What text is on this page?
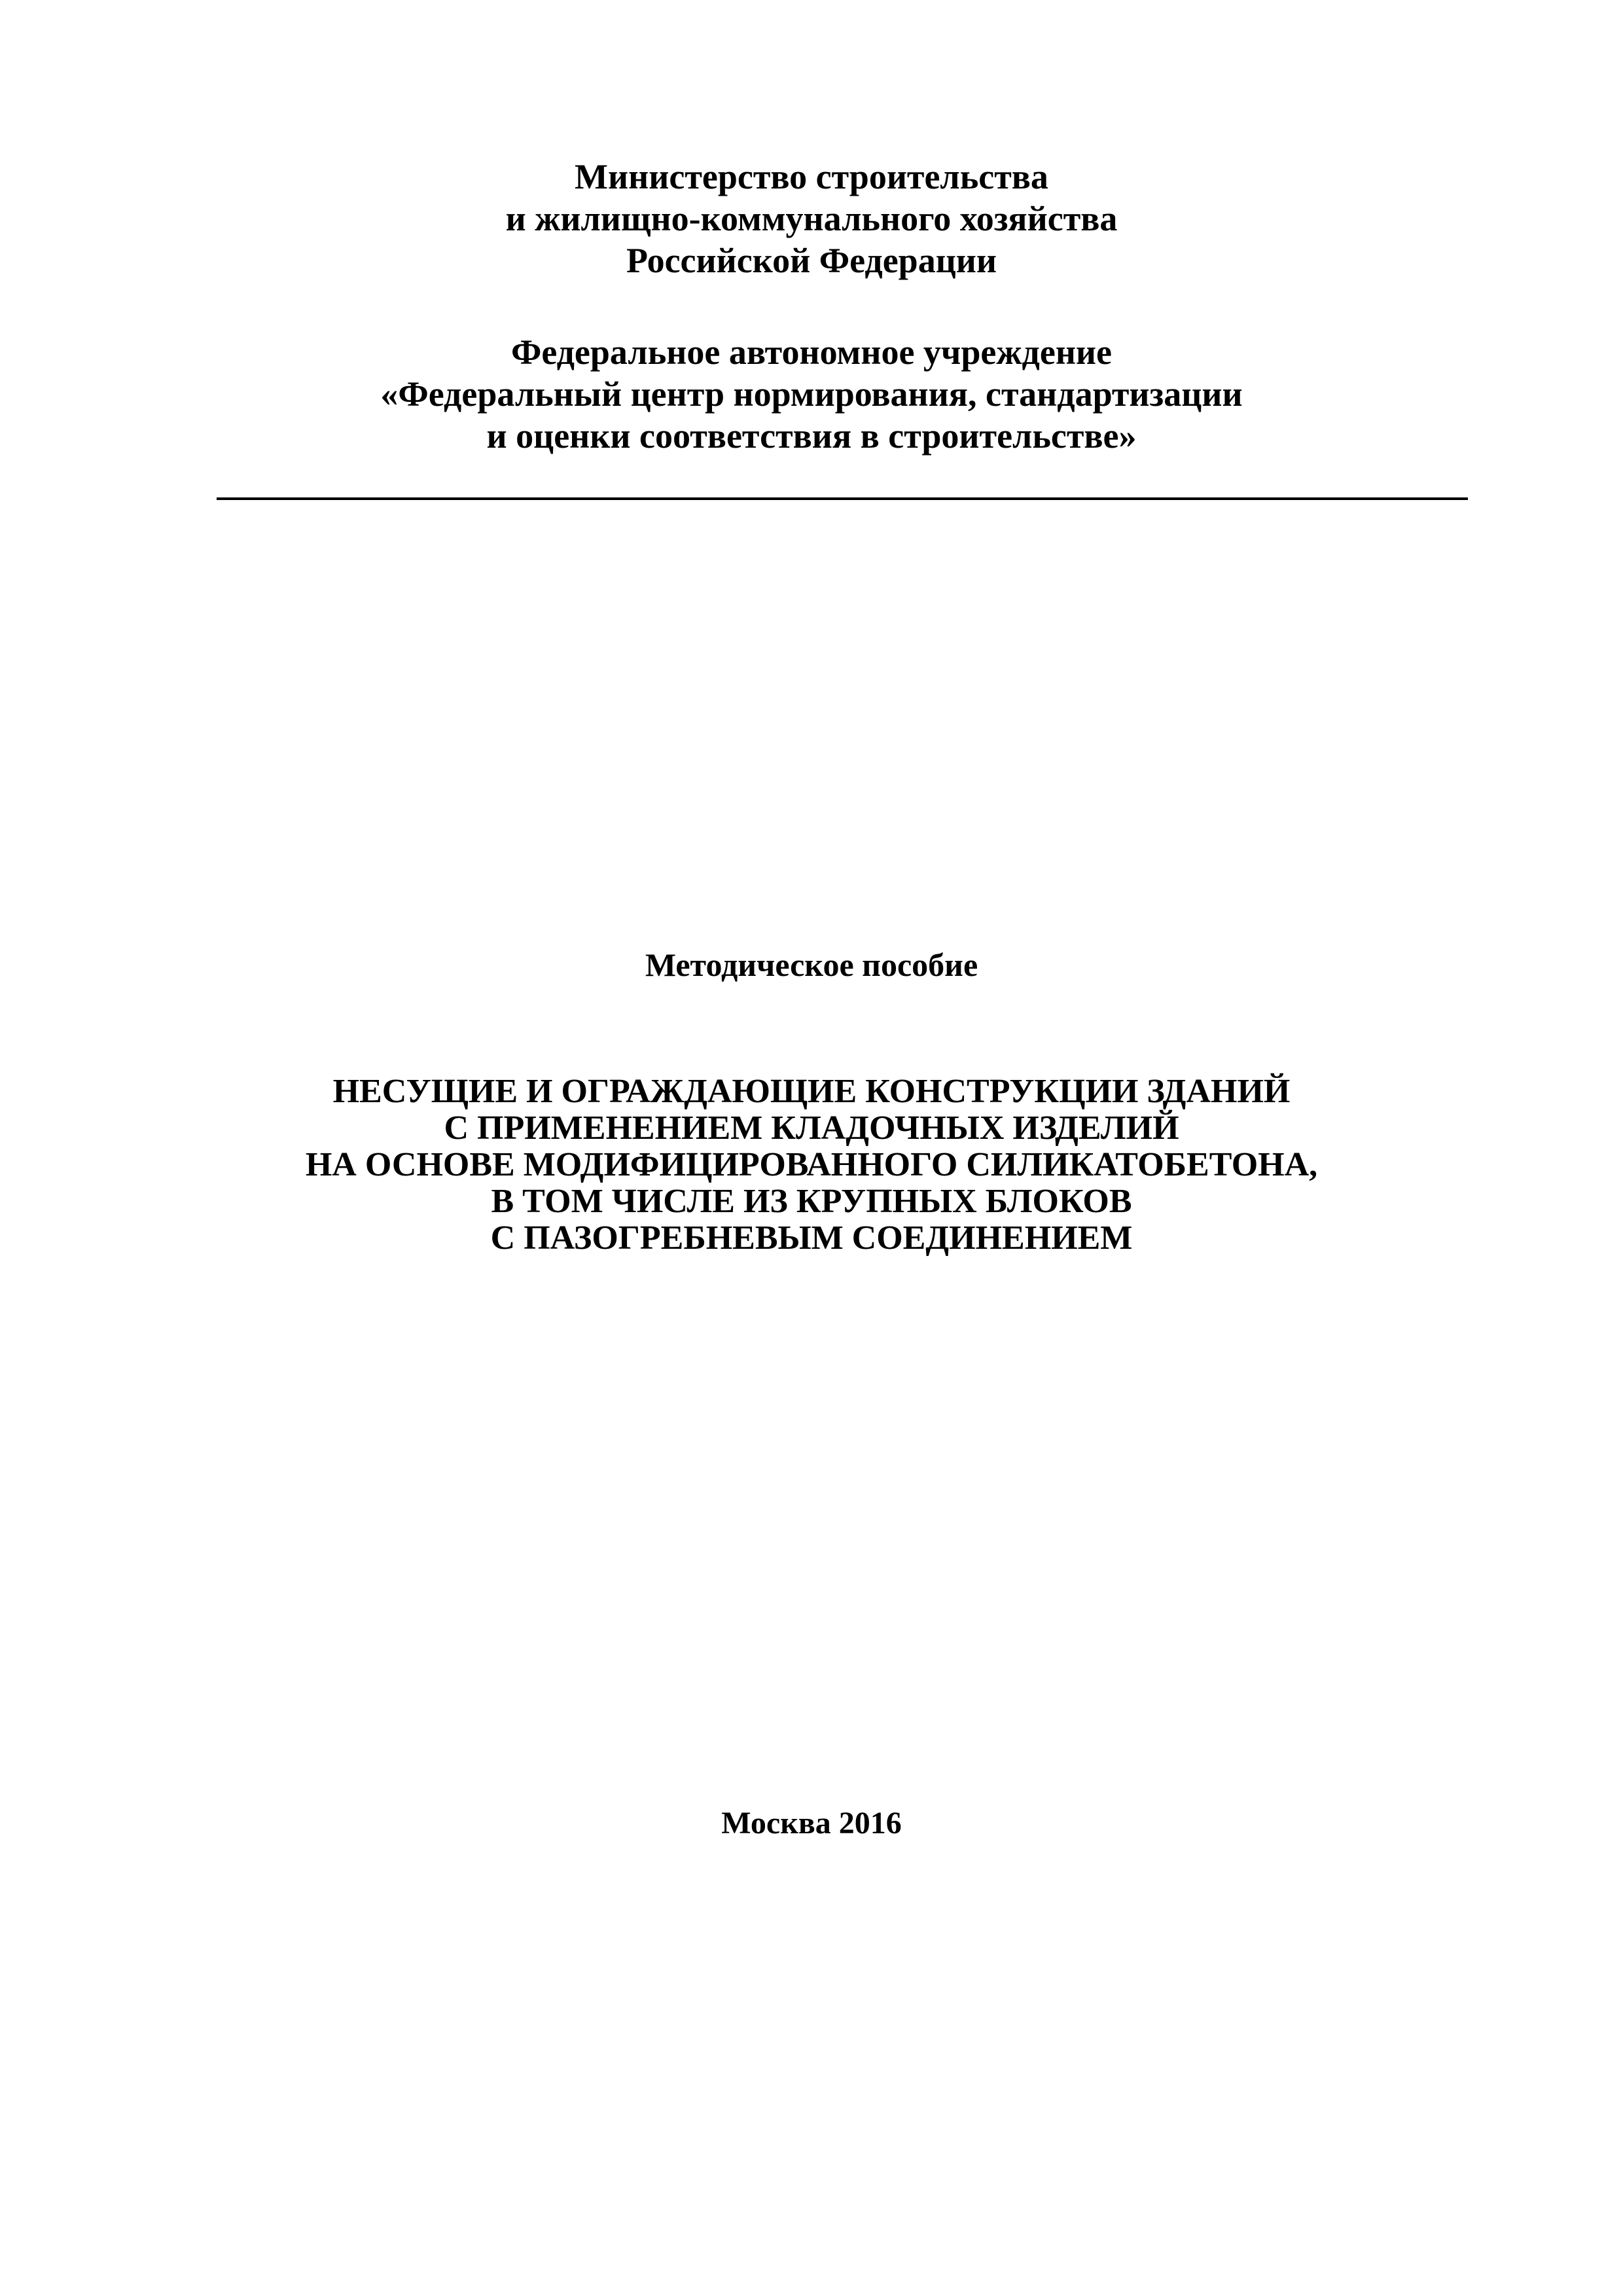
Министерство строительства
и жилищно-коммунального хозяйства
Российской Федерации
Федеральное автономное учреждение
«Федеральный центр нормирования, стандартизации
и оценки соответствия в строительстве»
Методическое пособие
НЕСУЩИЕ И ОГРАЖДАЮЩИЕ КОНСТРУКЦИИ ЗДАНИЙ
С ПРИМЕНЕНИЕМ КЛАДОЧНЫХ ИЗДЕЛИЙ
НА ОСНОВЕ МОДИФИЦИРОВАННОГО СИЛИКАТОБЕТОНА,
В ТОМ ЧИСЛЕ ИЗ КРУПНЫХ БЛОКОВ
С ПАЗОГРЕБНЕВЫМ СОЕДИНЕНИЕМ
Москва 2016
